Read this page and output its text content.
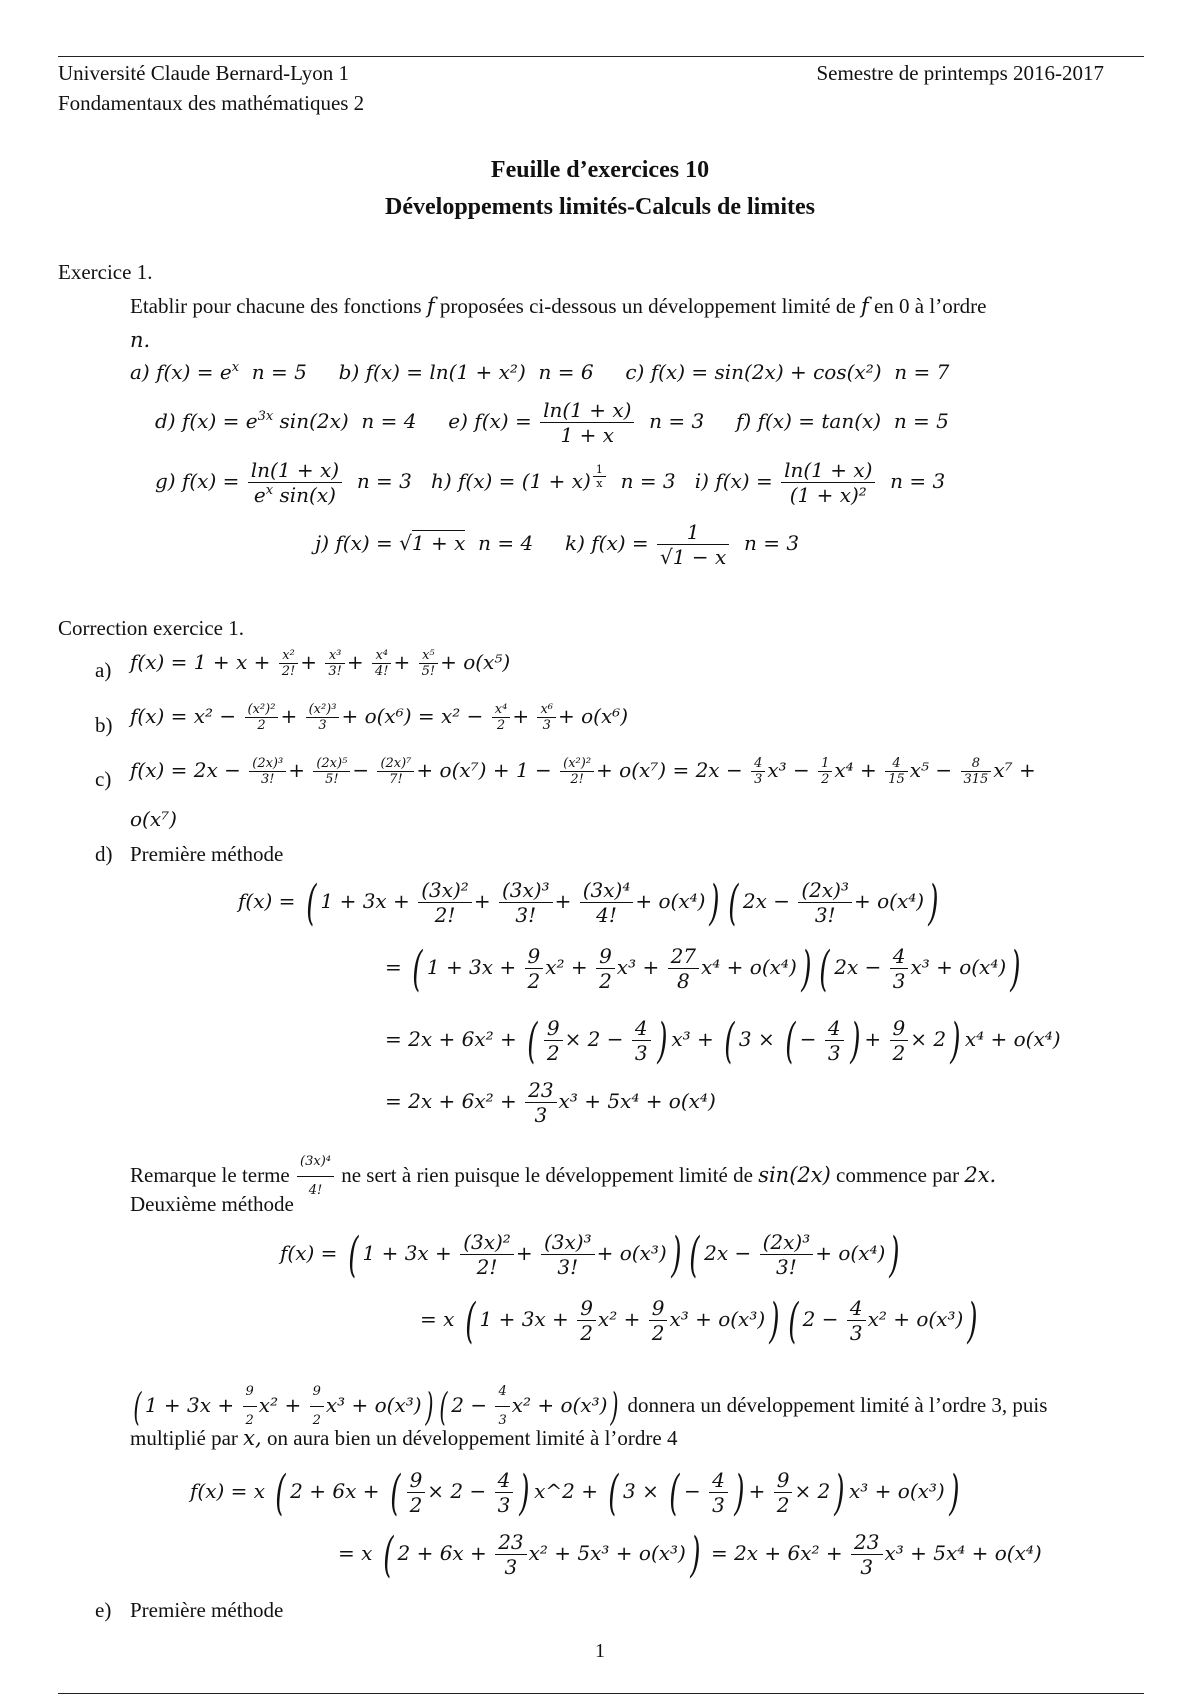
Université Claude Bernard-Lyon 1
Fondamentaux des mathématiques 2
Semestre de printemps 2016-2017
Feuille d’exercices 10
Développements limités-Calculs de limites
Exercice 1.
Etablir pour chacune des fonctions f proposées ci-dessous un développement limité de f en 0 à l’ordre
n.
a) $f(x) = e^x$ n = 5 b) f(x) = ln(1 + x²) n = 6 c) f(x) = sin(2x) + cos(x²) n = 7
d) $f(x) = e^{3x}$ sin(2x) n = 4 e) $f(x) = \frac{\ln(1 + x)}{1 + x}$ n = 3 f) f(x) = tan(x) n = 5
g) $f(x) = \frac{\ln(1 + x)}{e^x \sin(x)}$ n = 3 h) f(x) = (1 + x) $^{\frac{1}{x}}$ n = 3 i) $f(x) = \frac{\ln(1 + x)}{\text{(1 + x)²}}$ n = 3
j) f(x) = √1 + x n = 4 k) $f(x) = \frac{1}{√1 - x}$ n = 3
Correction exercice 1.
a) $f(x) = 1 + x + \frac{\text{x²}}{2!} + \frac{\text{x³}}{3!} + \frac{\text{x⁴}}{4!} + \frac{\text{x⁵}}{5!} + o(x^5)$
b) $f(x) = x^2 - \frac{\text{(x²)²}}{2} + \frac{\text{(x²)³}}{3} + o(x^6) = x^2 - \frac{\text{x⁴}}{2} + \frac{\text{x⁶}}{3} + o(x^6)$
c) $f(x) = 2x - \frac{\text{(2x)³}}{3!} + \frac{\text{(2x)⁵}}{5!} - \frac{\text{(2x)⁷}}{7!} + o(x^7) + 1 - \frac{\text{(x²)²}}{2!} + o(x^7) = 2x - \frac{4}{3} x^3 - \frac{1}{2} x^4 + \frac{4}{15} x^5 - \frac{8}{315} x^7$ +
o(x⁷)
d) Première méthode
f(x) = ( $1 + 3x + \frac{\text{(3x)²}}{2!} + \frac{\text{(3x)³}}{3!} + \frac{\text{(3x)⁴}}{4!} + o(x^4)$) ( $2x - \frac{\text{(2x)³}}{3!} + o(x^4)$)
= ( $1 + 3x + \frac{9}{2} x^2 + \frac{9}{2} x^3 + \frac{27}{8} x^4 + o(x^4)$) ( $2x - \frac{4}{3} x^3 + o(x^4)$)
= 2x + 6x² + ( $\frac{9}{2} \times 2 - \frac{4}{3}$ ) x³ + ( 3 × ( − $\frac{4}{3}$ ) + $\frac{9}{2} \times 2$) x⁴ + o(x⁴)
= $2x + 6x^2 + \frac{23}{3} x^3 + 5x^4 + o(x^4)$
Remarque le terme $\frac{\text{(3x)⁴}}{4!}$ ne sert à rien puisque le développement limité de sin(2x) commence par 2x.
Deuxième méthode
f(x) = ( $1 + 3x + \frac{\text{(3x)²}}{2!} + \frac{\text{(3x)³}}{3!} + o(x^3)$) ( $2x - \frac{\text{(2x)³}}{3!} + o(x^4)$)
= x ( $1 + 3x + \frac{9}{2} x^2 + \frac{9}{2} x^3 + o(x^3)$) ( $2 - \frac{4}{3} x^2 + o(x^3)$)
( $1 + 3x + \frac{9}{2} x^2 + \frac{9}{2} x^3 + o(x^3)$) ( $2 - \frac{4}{3} x^2 + o(x^3)$) donnera un développement limité à l’ordre 3, puis
multiplié par x, on aura bien un développement limité à l’ordre 4
f(x) = x ( 2 + 6x + ( $\frac{9}{2} \times 2 - \frac{4}{3}$ ) x^2 + ( 3 × ( − $\frac{4}{3}$ ) + $\frac{9}{2} \times 2$) x³ + o(x³))
= x ( $2 + 6x + \frac{23}{3} x^2 + 5x^3 + o(x^3)) = 2x + 6x^2 + \frac{23}{3} x^3 + 5x^4 + o(x^4)$
e) Première méthode
1
